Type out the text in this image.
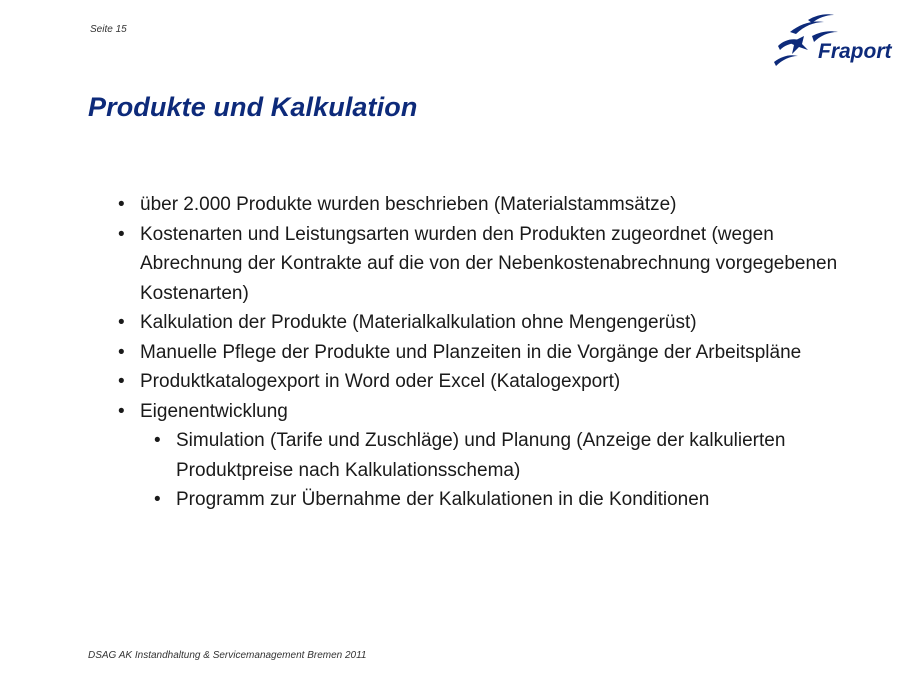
Seite 15
Fraport
Produkte und Kalkulation
• über 2.000 Produkte wurden beschrieben (Materialstammsätze)
• Kostenarten und Leistungsarten wurden den Produkten zugeordnet (wegen Abrechnung der Kontrakte auf die von der Nebenkostenabrechnung vorgegebenen Kostenarten)
• Kalkulation der Produkte (Materialkalkulation ohne Mengengerüst)
• Manuelle Pflege der Produkte und Planzeiten in die Vorgänge der Arbeitspläne
• Produktkatalogexport in Word oder Excel (Katalogexport)
• Eigenentwicklung
• Simulation (Tarife und Zuschläge) und Planung (Anzeige der kalkulierten Produktpreise nach Kalkulationsschema)
• Programm zur Übernahme der Kalkulationen in die Konditionen
DSAG AK Instandhaltung & Servicemanagement Bremen 2011
